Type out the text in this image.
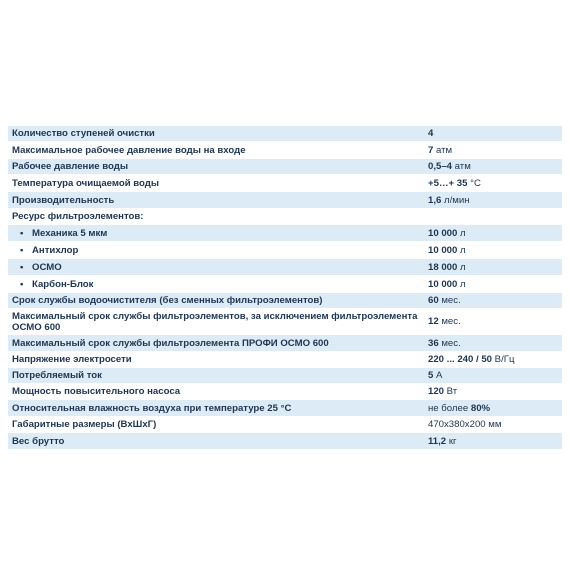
Количество ступеней очистки	4
Максимальное рабочее давление воды на входе	7 атм
Рабочее давление воды	0,5–4 атм
Температура очищаемой воды	+5…+ 35 °С
Производительность	1,6 л/мин
Ресурс фильтроэлементов:
• Механика 5 мкм	10 000 л
• Антихлор	10 000 л
• ОСМО	18 000 л
• Карбон-Блок	10 000 л
Срок службы водоочистителя (без сменных фильтроэлементов)	60 мес.
Максимальный срок службы фильтроэлементов, за исключением фильтроэлемента ОСМО 600	12 мес.
Максимальный срок службы фильтроэлемента ПРОФИ ОСМО 600	36 мес.
Напряжение электросети	220 ... 240 / 50 В/Гц
Потребляемый ток	5 А
Мощность повысительного насоса	120 Вт
Относительная влажность воздуха при температуре 25 °С	не более 80%
Габаритные размеры (ВхШхГ)	470х380х200 мм
Вес брутто	11,2 кг
